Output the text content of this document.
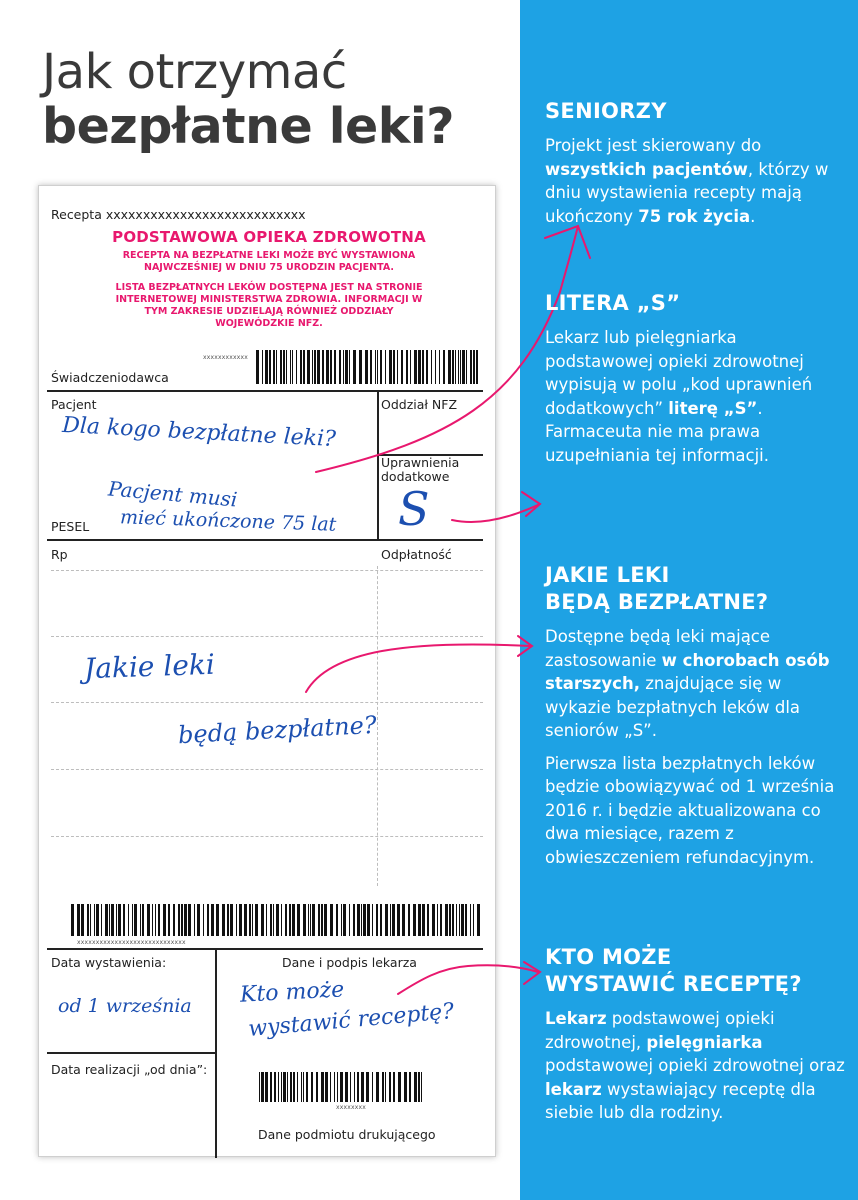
Jak otrzymać
bezpłatne leki?
Recepta xxxxxxxxxxxxxxxxxxxxxxxxxxx
PODSTAWOWA OPIEKA ZDROWOTNA
RECEPTA NA BEZPŁATNE LEKI MOŻE BYĆ WYSTAWIONA NAJWCZEŚNIEJ W DNIU 75 URODZIN PACJENTA.
LISTA BEZPŁATNYCH LEKÓW DOSTĘPNA JEST NA STRONIE INTERNETOWEJ MINISTERSTWA ZDROWIA. INFORMACJI W TYM ZAKRESIE UDZIELAJĄ RÓWNIEŻ ODDZIAŁY WOJEWÓDZKIE NFZ.
xxxxxxxxxxxx
Świadczeniodawca
Pacjent	Oddział NFZ
Uprawnienia
dodatkowe
PESEL
Rp	Odpłatność
xxxxxxxxxxxxxxxxxxxxxxxxxxxxx
Data wystawienia:	Dane i podpis lekarza
Data realizacji „od dnia”:
xxxxxxxx
Dane podmiotu drukującego
Dla kogo bezpłatne leki?
Pacjent musi
mieć ukończone 75 lat S
Jakie leki
będą bezpłatne?
od 1 września Kto może
wystawić receptę?
SENIORZY

Projekt jest skierowany do wszystkich pacjentów, którzy w dniu wystawienia recepty mają ukończony 75 rok życia.

LITERA „S”

Lekarz lub pielęgniarka podstawowej opieki zdrowotnej wypisują w polu „kod uprawnień dodatkowych” literę „S”. Farmaceuta nie ma prawa uzupełniania tej informacji.

JAKIE LEKI
BĘDĄ BEZPŁATNE?

Dostępne będą leki mające zastosowanie w chorobach osób starszych, znajdujące się w wykazie bezpłatnych leków dla seniorów „S”.

Pierwsza lista bezpłatnych leków będzie obowiązywać od 1 września 2016 r. i będzie aktualizowana co dwa miesiące, razem z obwieszczeniem refundacyjnym.

KTO MOŻE
WYSTAWIĆ RECEPTĘ?

Lekarz podstawowej opieki zdrowotnej, pielęgniarka podstawowej opieki zdrowotnej oraz lekarz wystawiający receptę dla siebie lub dla rodziny.
